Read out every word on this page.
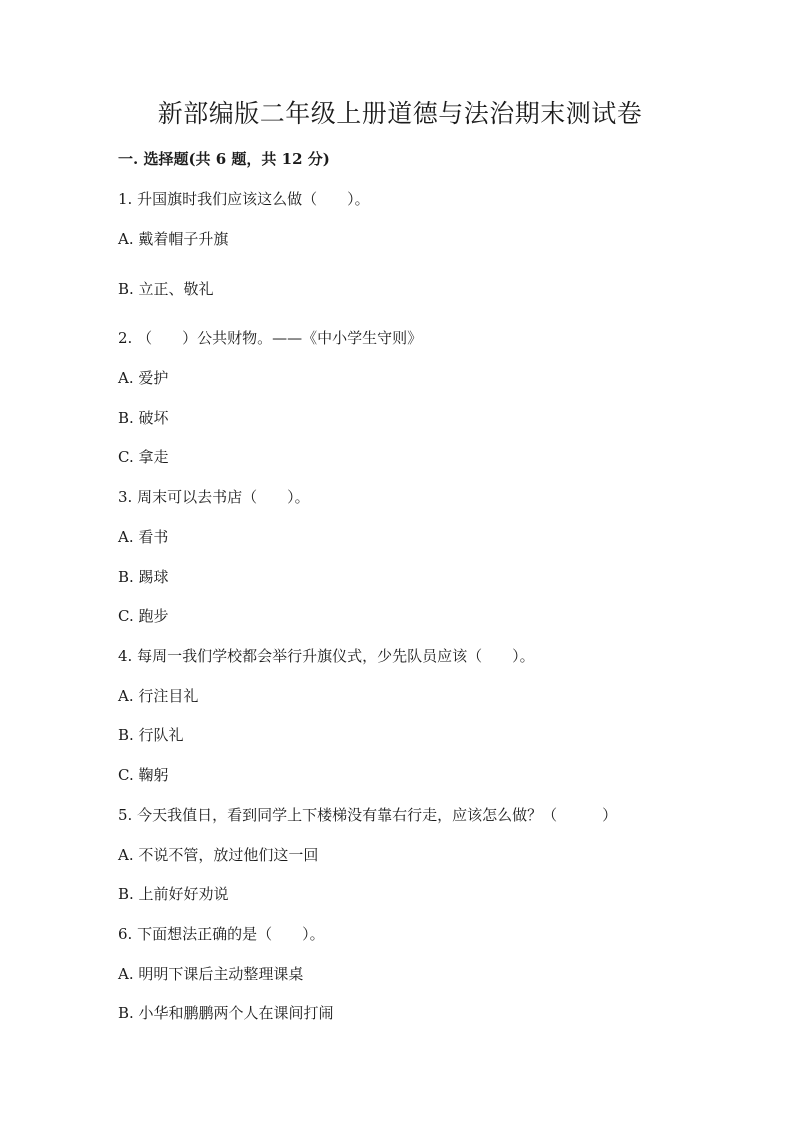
新部编版二年级上册道德与法治期末测试卷
一. 选择题(共 6 题，共 12 分)
1. 升国旗时我们应该这么做（　　）。
A. 戴着帽子升旗
B. 立正、敬礼
2. （　　）公共财物。——《中小学生守则》
A. 爱护
B. 破坏
C. 拿走
3. 周末可以去书店（　　）。
A. 看书
B. 踢球
C. 跑步
4. 每周一我们学校都会举行升旗仪式，少先队员应该（　　）。
A. 行注目礼
B. 行队礼
C. 鞠躬
5. 今天我值日，看到同学上下楼梯没有靠右行走，应该怎么做？（　　　）
A. 不说不管，放过他们这一回
B. 上前好好劝说
6. 下面想法正确的是（　　）。
A. 明明下课后主动整理课桌
B. 小华和鹏鹏两个人在课间打闹
